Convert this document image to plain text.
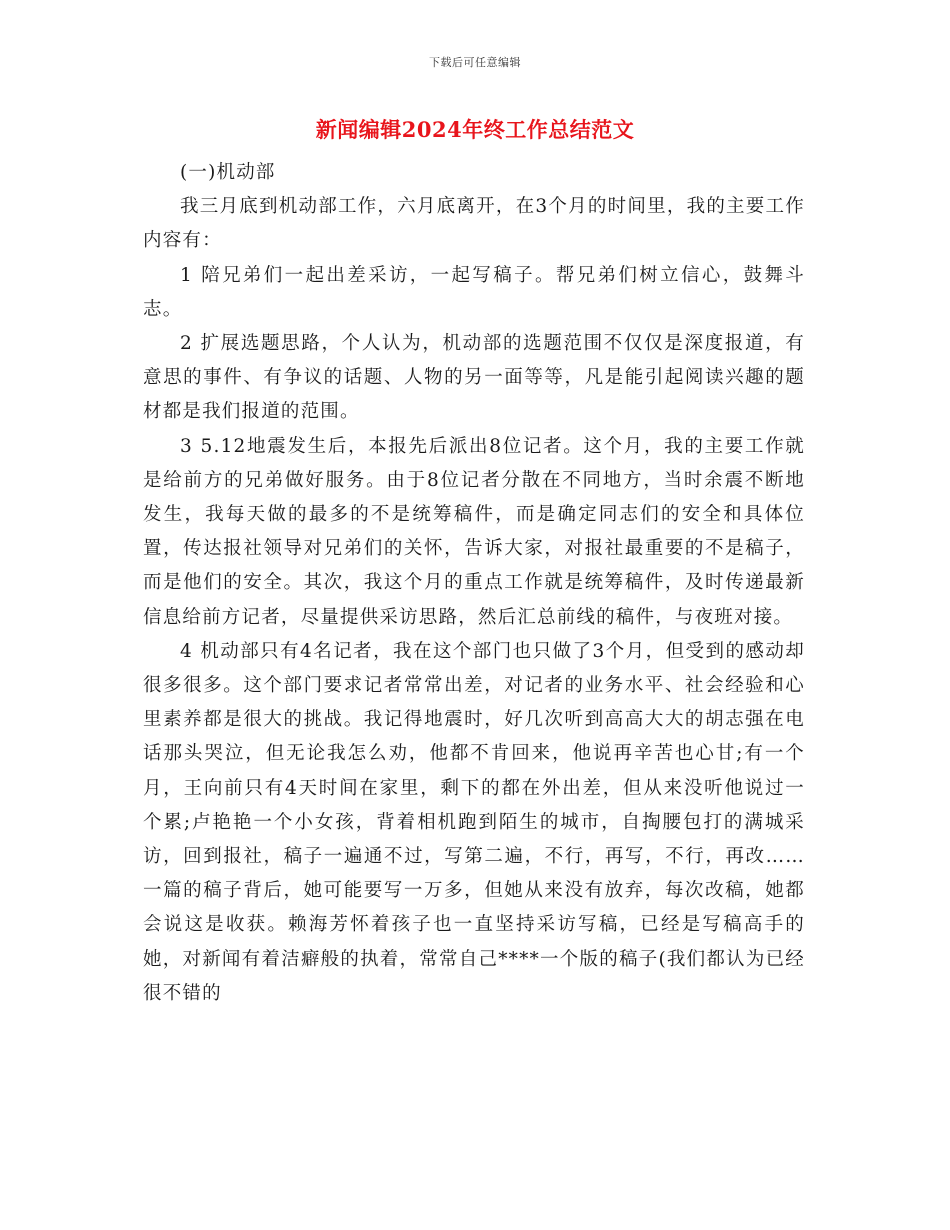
下载后可任意编辑
新闻编辑2024年终工作总结范文

(一)机动部

我三月底到机动部工作，六月底离开，在3个月的时间里，我的主要工作内容有：

1 陪兄弟们一起出差采访，一起写稿子。帮兄弟们树立信心，鼓舞斗志。

2 扩展选题思路，个人认为，机动部的选题范围不仅仅是深度报道，有意思的事件、有争议的话题、人物的另一面等等，凡是能引起阅读兴趣的题材都是我们报道的范围。

3 5.12地震发生后，本报先后派出8位记者。这个月，我的主要工作就是给前方的兄弟做好服务。由于8位记者分散在不同地方，当时余震不断地发生，我每天做的最多的不是统筹稿件，而是确定同志们的安全和具体位置，传达报社领导对兄弟们的关怀，告诉大家，对报社最重要的不是稿子，而是他们的安全。其次，我这个月的重点工作就是统筹稿件，及时传递最新信息给前方记者，尽量提供采访思路，然后汇总前线的稿件，与夜班对接。

4 机动部只有4名记者，我在这个部门也只做了3个月，但受到的感动却很多很多。这个部门要求记者常常出差，对记者的业务水平、社会经验和心里素养都是很大的挑战。我记得地震时，好几次听到高高大大的胡志强在电话那头哭泣，但无论我怎么劝，他都不肯回来，他说再辛苦也心甘;有一个月，王向前只有4天时间在家里，剩下的都在外出差，但从来没听他说过一个累;卢艳艳一个小女孩，背着相机跑到陌生的城市，自掏腰包打的满城采访，回到报社，稿子一遍通不过，写第二遍，不行，再写，不行，再改……一篇的稿子背后，她可能要写一万多，但她从来没有放弃，每次改稿，她都会说这是收获。赖海芳怀着孩子也一直坚持采访写稿，已经是写稿高手的她，对新闻有着洁癖般的执着，常常自己****一个版的稿子(我们都认为已经很不错的
